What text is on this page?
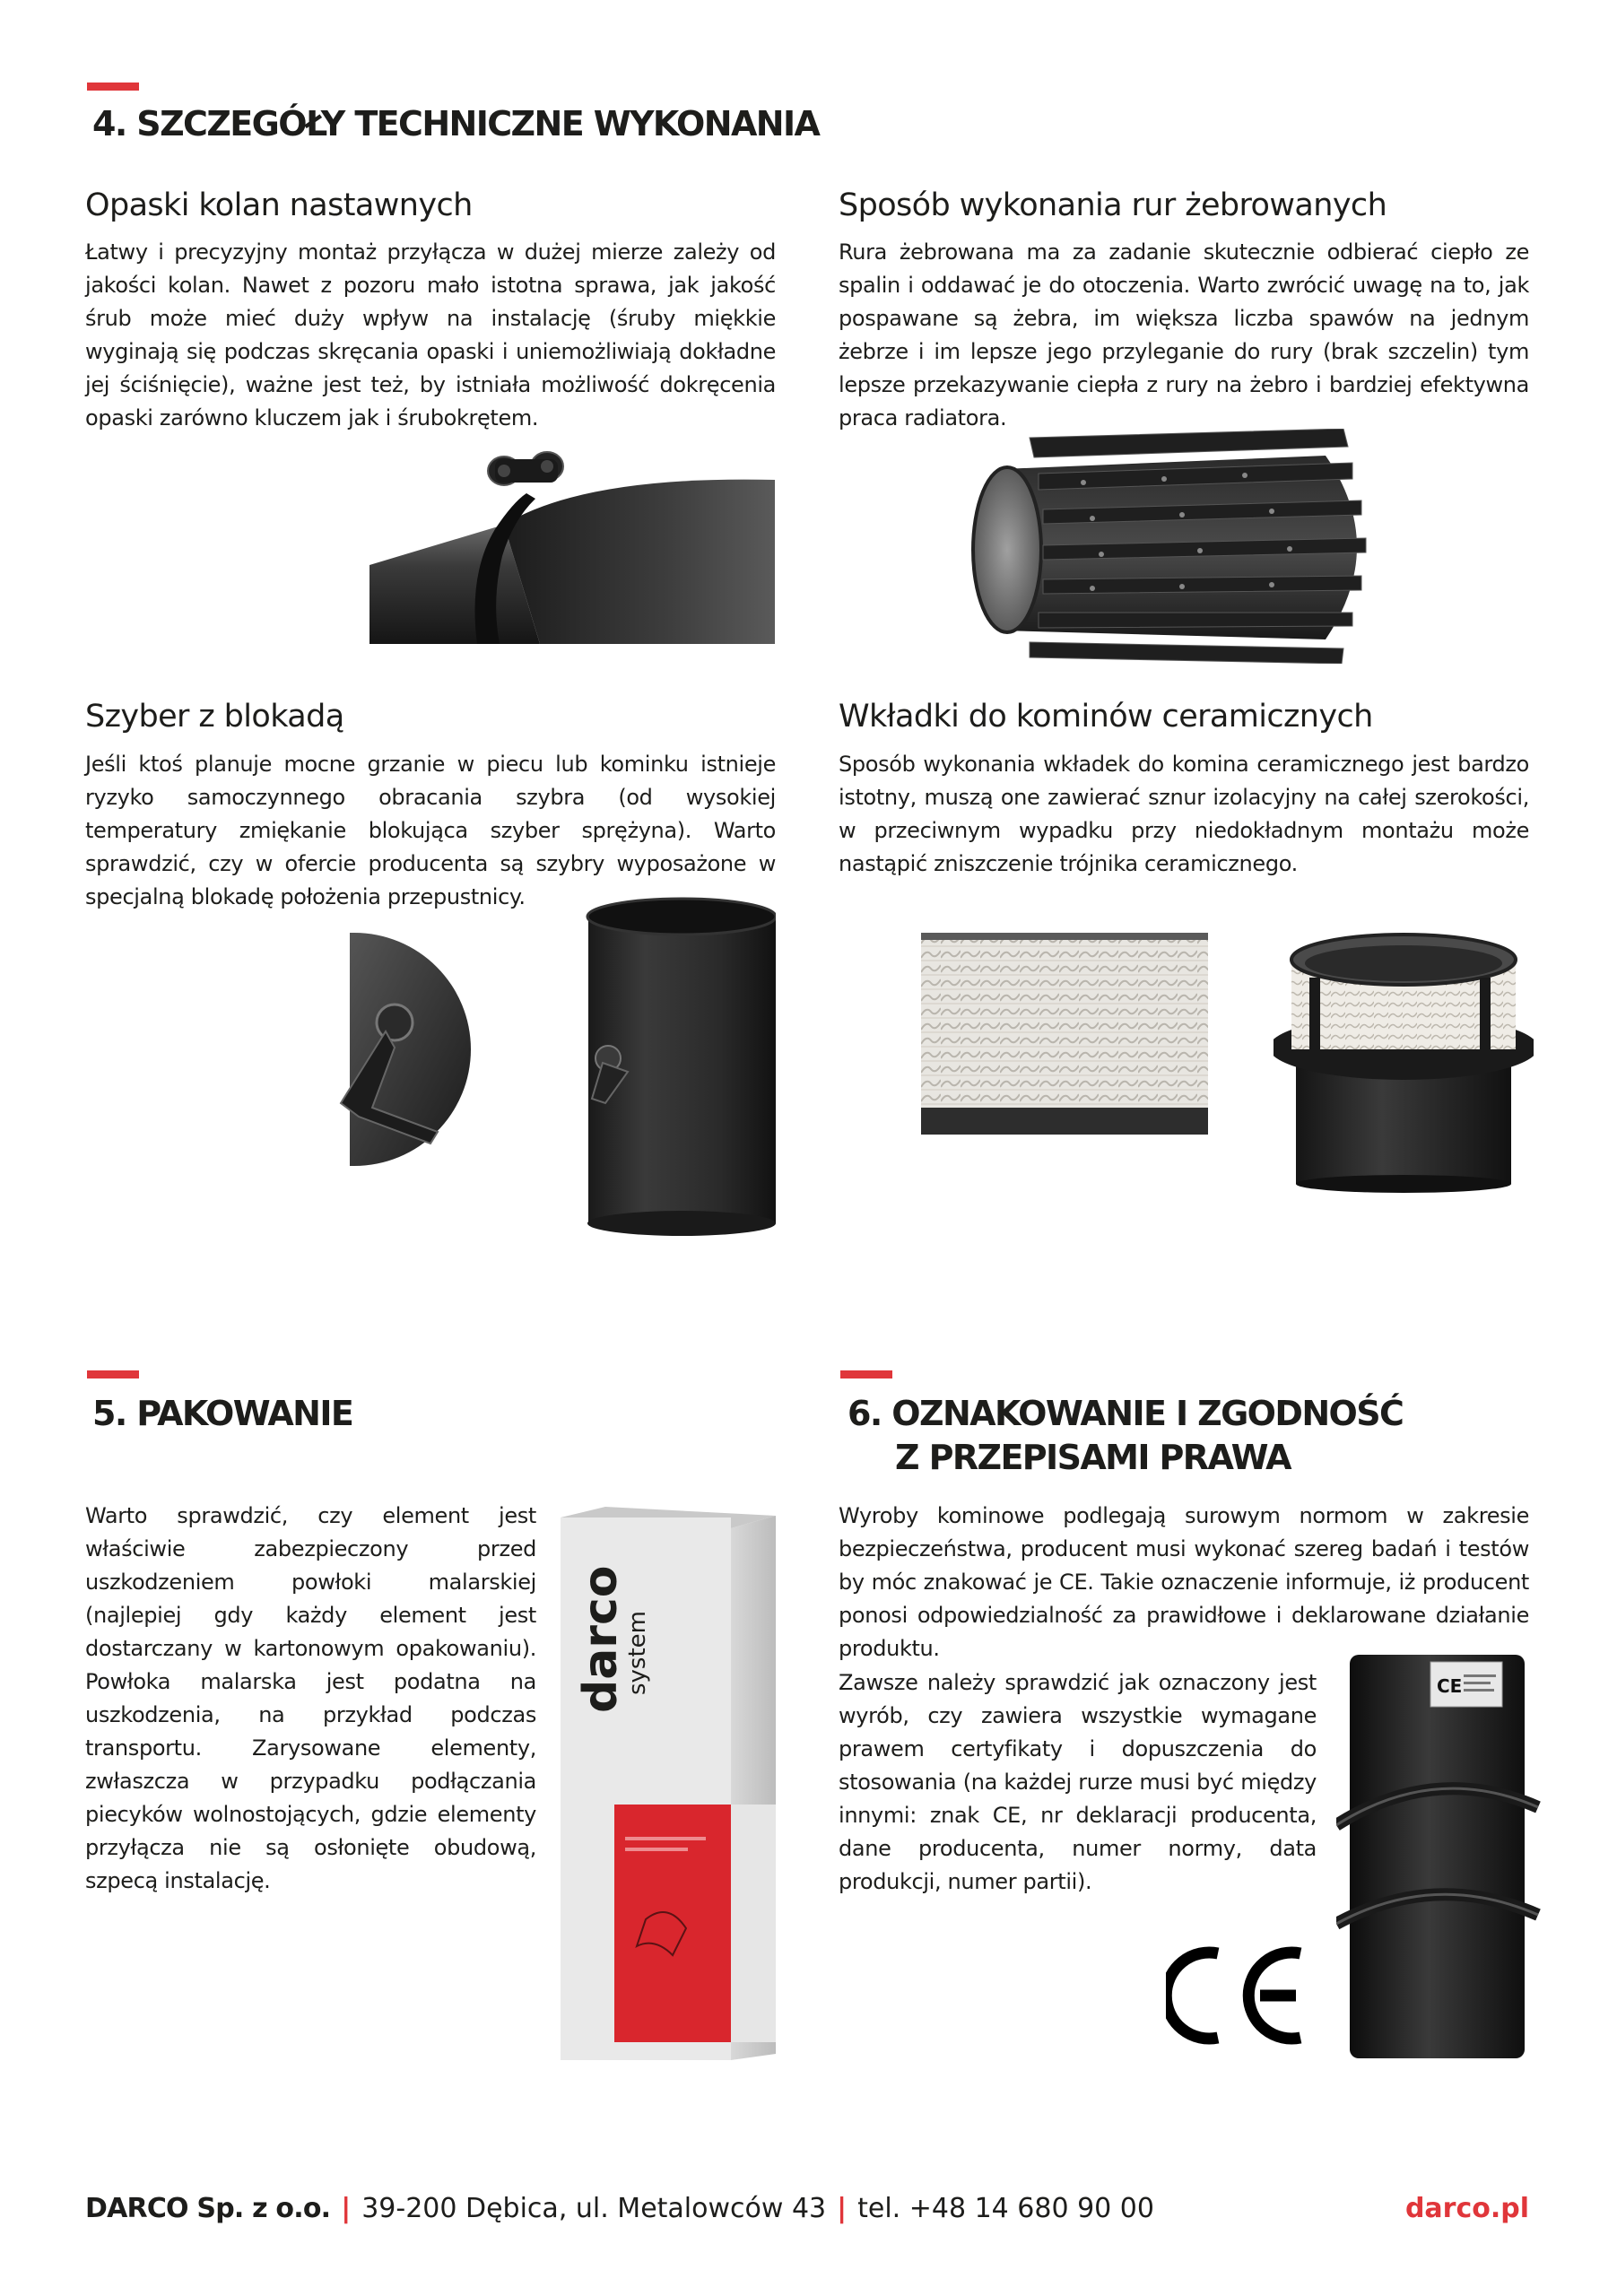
4. SZCZEGÓŁY TECHNICZNE WYKONANIA
Opaski kolan nastawnych

Łatwy i precyzyjny montaż przyłącza w dużej mierze zależy od jakości kolan. Nawet z pozoru mało istotna sprawa, jak jakość śrub może mieć duży wpływ na instalację (śruby miękkie wyginają się podczas skręcania opaski i uniemożliwiają dokładne jej ściśnięcie), ważne jest też, by istniała możliwość dokręcenia opaski zarówno kluczem jak i śrubokrętem.

Sposób wykonania rur żebrowanych

Rura żebrowana ma za zadanie skutecznie odbierać ciepło ze spalin i oddawać je do otoczenia. Warto zwrócić uwagę na to, jak pospawane są żebra, im większa liczba spawów na jednym żebrze i im lepsze jego przyleganie do rury (brak szczelin) tym lepsze przekazywanie ciepła z rury na żebro i bardziej efektywna praca radiatora.

Szyber z blokadą

Jeśli ktoś planuje mocne grzanie w piecu lub kominku istnieje ryzyko samoczynnego obracania szybra (od wysokiej temperatury zmiękanie blokująca szyber sprężyna). Warto sprawdzić, czy w ofercie producenta są szybry wyposażone w specjalną blokadę położenia przepustnicy.

Wkładki do kominów ceramicznych

Sposób wykonania wkładek do komina ceramicznego jest bardzo istotny, muszą one zawierać sznur izolacyjny na całej szerokości, w przeciwnym wypadku przy niedokładnym montażu może nastąpić zniszczenie trójnika ceramicznego.

5. PAKOWANIE

Warto sprawdzić, czy element jest właściwie zabezpieczony przed uszkodzeniem powłoki malarskiej (najlepiej gdy każdy element jest dostarczany w kartonowym opakowaniu). Powłoka malarska jest podatna na uszkodzenia, na przykład podczas transportu. Zarysowane elementy, zwłaszcza w przypadku podłączania piecyków wolnostojących, gdzie elementy przyłącza nie są osłonięte obudową, szpecą instalację.

darco
system
6. OZNAKOWANIE I ZGODNOŚĆ
Z PRZEPISAMI PRAWA

Wyroby kominowe podlegają surowym normom w zakresie bezpieczeństwa, producent musi wykonać szereg badań i testów by móc znakować je CE. Takie oznaczenie informuje, iż producent ponosi odpowiedzialność za prawidłowe i deklarowane działanie produktu.

Zawsze należy sprawdzić jak oznaczony jest wyrób, czy zawiera wszystkie wymagane prawem certyfikaty i dopuszczenia do stosowania (na każdej rurze musi być między innymi: znak CE, nr deklaracji producenta, dane producenta, numer normy, data produkcji, numer partii).

CE
DARCO Sp. z o.o. | 39-200 Dębica, ul. Metalowców 43 | tel. +48 14 680 90 00	darco.pl
